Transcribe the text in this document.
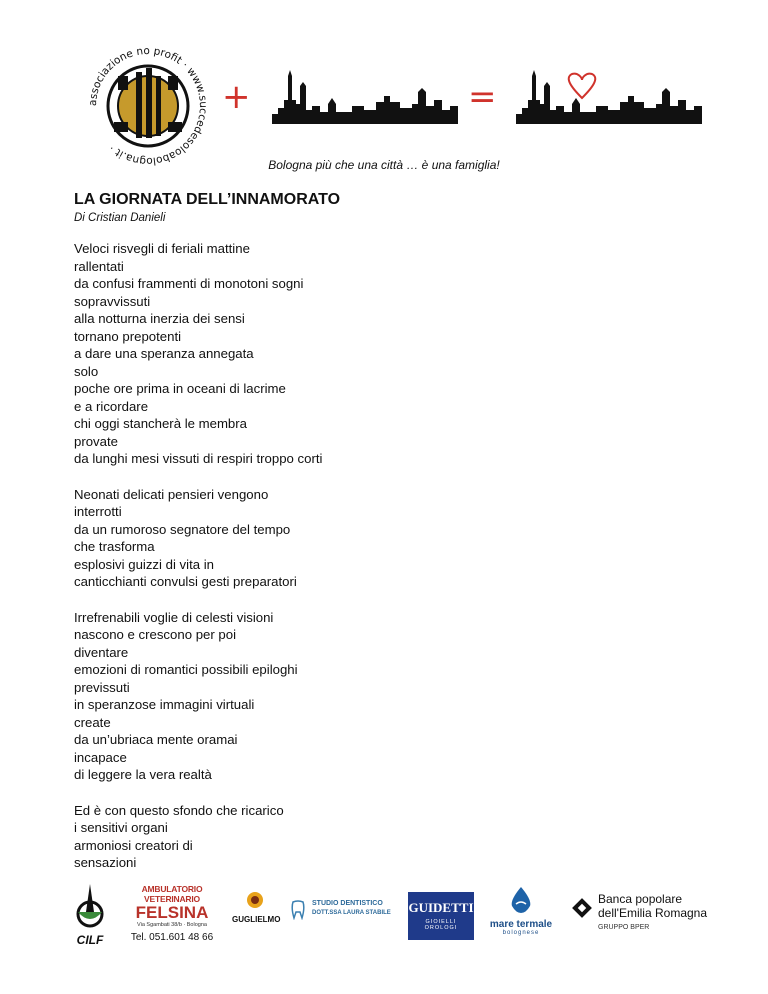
associazione no profit · www.succedesoloabologna.it ·
+	=
Bologna più che una città … è una famiglia!
LA GIORNATA DELL’INNAMORATO
Di Cristian Danieli
Veloci risvegli di feriali mattine
rallentati
da confusi frammenti di monotoni sogni
sopravvissuti
alla notturna inerzia dei sensi
tornano prepotenti
a dare una speranza annegata
solo
poche ore prima in oceani di lacrime
e a ricordare
chi oggi stancherà le membra
provate
da lunghi mesi vissuti di respiri troppo corti
Neonati delicati pensieri vengono
interrotti
da un rumoroso segnatore del tempo
che trasforma
esplosivi guizzi di vita in
canticchianti convulsi gesti preparatori
Irrefrenabili voglie di celesti visioni
nascono e crescono per poi
diventare
emozioni di romantici possibili epiloghi
previssuti
in speranzose immagini virtuali
create
da un’ubriaca mente oramai
incapace
di leggere la vera realtà
Ed è con questo sfondo che ricarico
i sensitivi organi
armoniosi creatori di
sensazioni
CILF
AMBULATORIO VETERINARIO
FELSINA
Via Sgambati 38/b · Bologna
Tel. 051.601 48 66
GUGLIELMO
STUDIO DENTISTICO
DOTT.SSA LAURA STABILE GUIDETTI
GIOIELLI OROLOGI	mare termale
bolognese
Banca popolare
dell'Emilia Romagna
GRUPPO BPER
